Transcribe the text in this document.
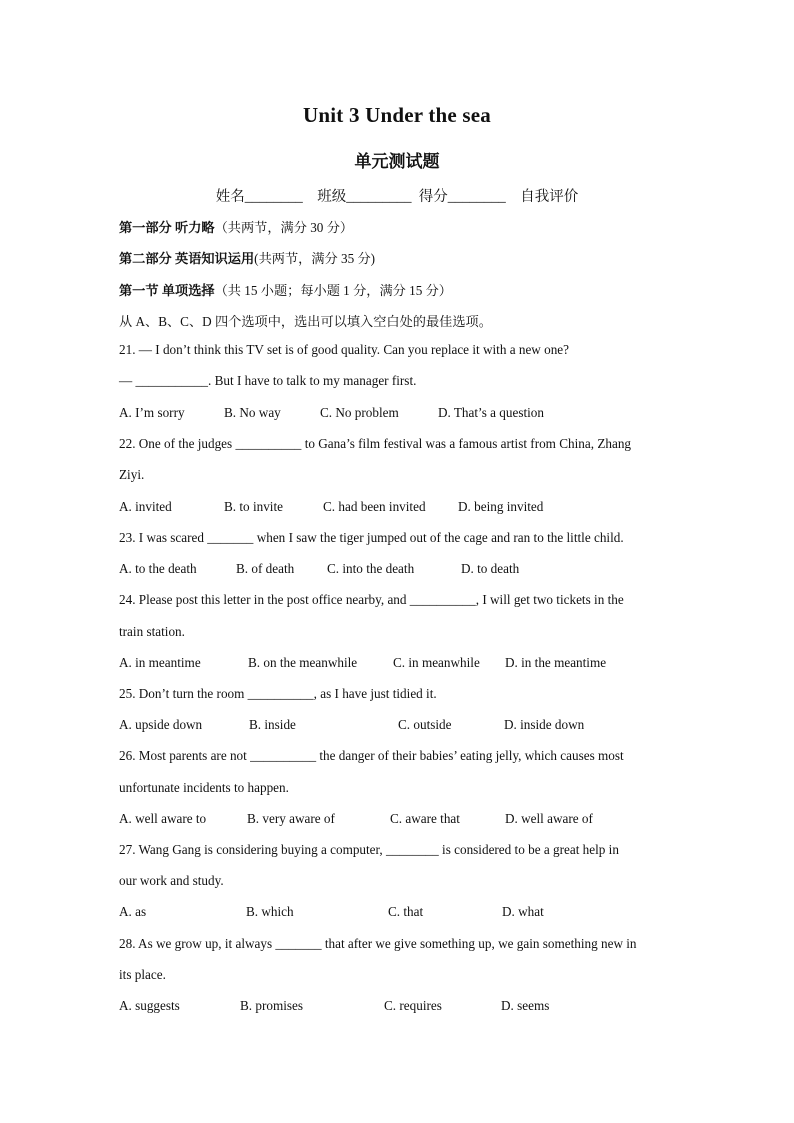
Unit 3 Under the sea
单元测试题
姓名________    班级_________  得分________    自我评价
第一部分 听力略（共两节，满分 30 分）
第二部分 英语知识运用(共两节，满分 35 分)
第一节 单项选择（共 15 小题；每小题 1 分，满分 15 分）
从 A、B、C、D 四个选项中，选出可以填入空白处的最佳选项。
21. — I don’t think this TV set is of good quality. Can you replace it with a new one?
— ___________. But I have to talk to my manager first.
A. I’m sorry	B. No way	C. No problem	D. That’s a question
22. One of the judges __________ to Gana’s film festival was a famous artist from China, Zhang
Ziyi.
A. invited	B. to invite	C. had been invited D. being invited
23. I was scared _______ when I saw the tiger jumped out of the cage and ran to the little child.
A. to the death	B. of death C. into the death	D. to death
24. Please post this letter in the post office nearby, and __________, I will get two tickets in the
train station.
A. in meantime	B. on the meanwhile	C. in meanwhile D. in the meantime
25. Don’t turn the room __________, as I have just tidied it.
A. upside down	B. inside	C. outside	D. inside down
26. Most parents are not __________ the danger of their babies’ eating jelly, which causes most
unfortunate incidents to happen.
A. well aware to	B. very aware of	C. aware that	D. well aware of
27. Wang Gang is considering buying a computer, ________ is considered to be a great help in
our work and study.
A. as	B. which	C. that	D. what
28. As we grow up, it always _______ that after we give something up, we gain something new in
its place.
A. suggests	B. promises	C. requires	D. seems
